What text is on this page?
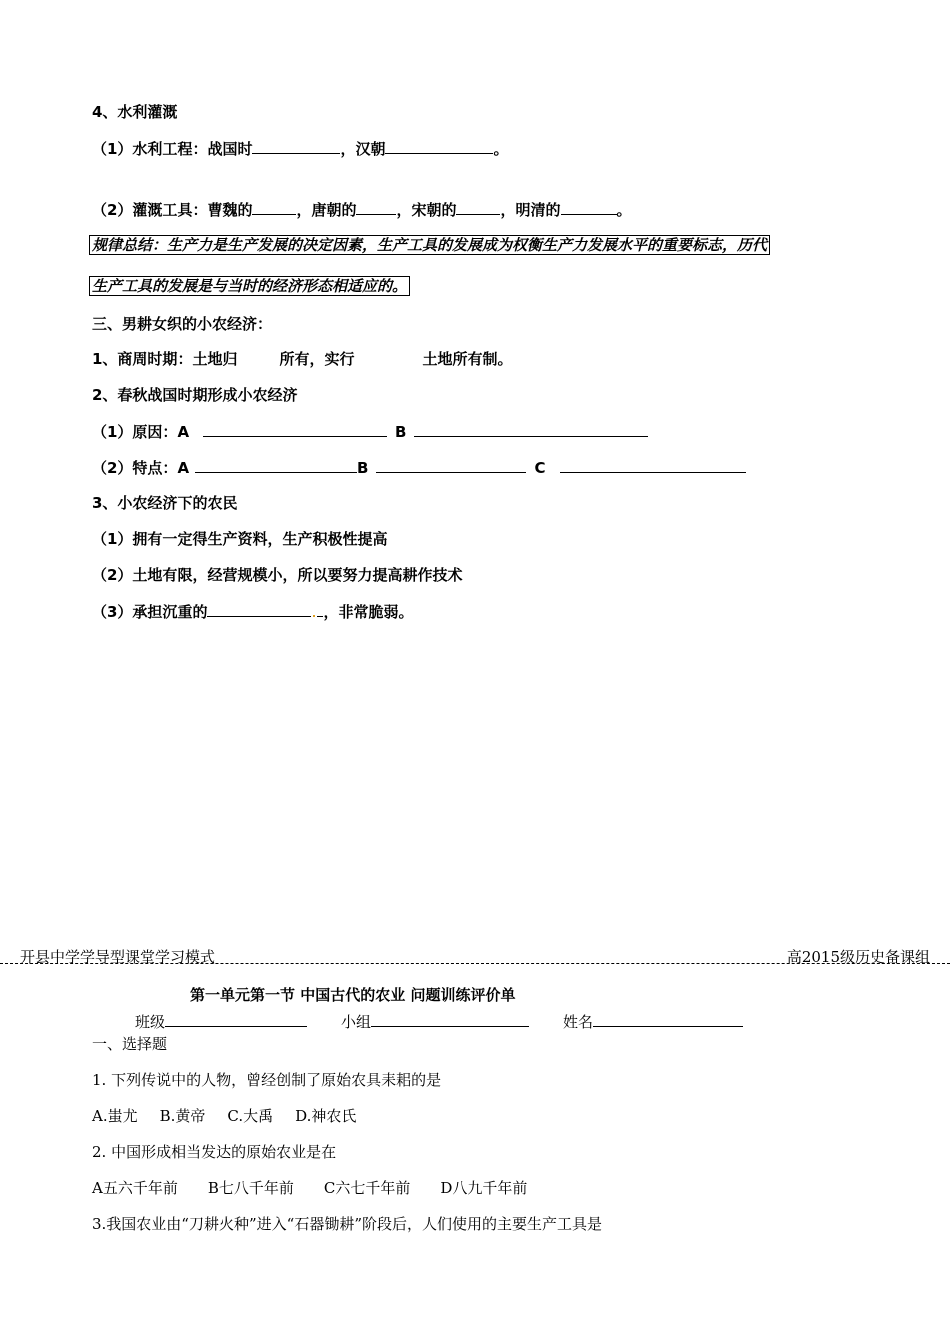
4、水利灌溉
（1）水利工程：战国时	，汉朝	。
（2）灌溉工具：曹魏的	，唐朝的	，宋朝的	，明清的	。
规律总结：生产力是生产发展的决定因素，生产工具的发展成为权衡生产力发展水平的重要标志，历代
生产工具的发展是与当时的经济形态相适应的。
三、男耕女织的小农经济：
1、商周时期：土地归	所有，实行	土地所有制。
2、春秋战国时期形成小农经济
（1）原因：A	B
（2）特点：A	B	C
3、小农经济下的农民
（1）拥有一定得生产资料，生产积极性提高
（2）土地有限，经营规模小，所以要努力提高耕作技术
（3）承担沉重的	，非常脆弱。
开县中学学导型课堂学习模式	高2015级历史备课组
第一单元第一节 中国古代的农业 问题训练评价单
班级	小组	姓名
一、选择题
1. 下列传说中的人物，曾经创制了原始农具耒耜的是
A.蚩尤 B.黄帝 C.大禹 D.神农氏
2. 中国形成相当发达的原始农业是在
A五六千年前 B七八千年前 C六七千年前 D八九千年前
3.我国农业由“刀耕火种”进入“石器锄耕”阶段后，人们使用的主要生产工具是
